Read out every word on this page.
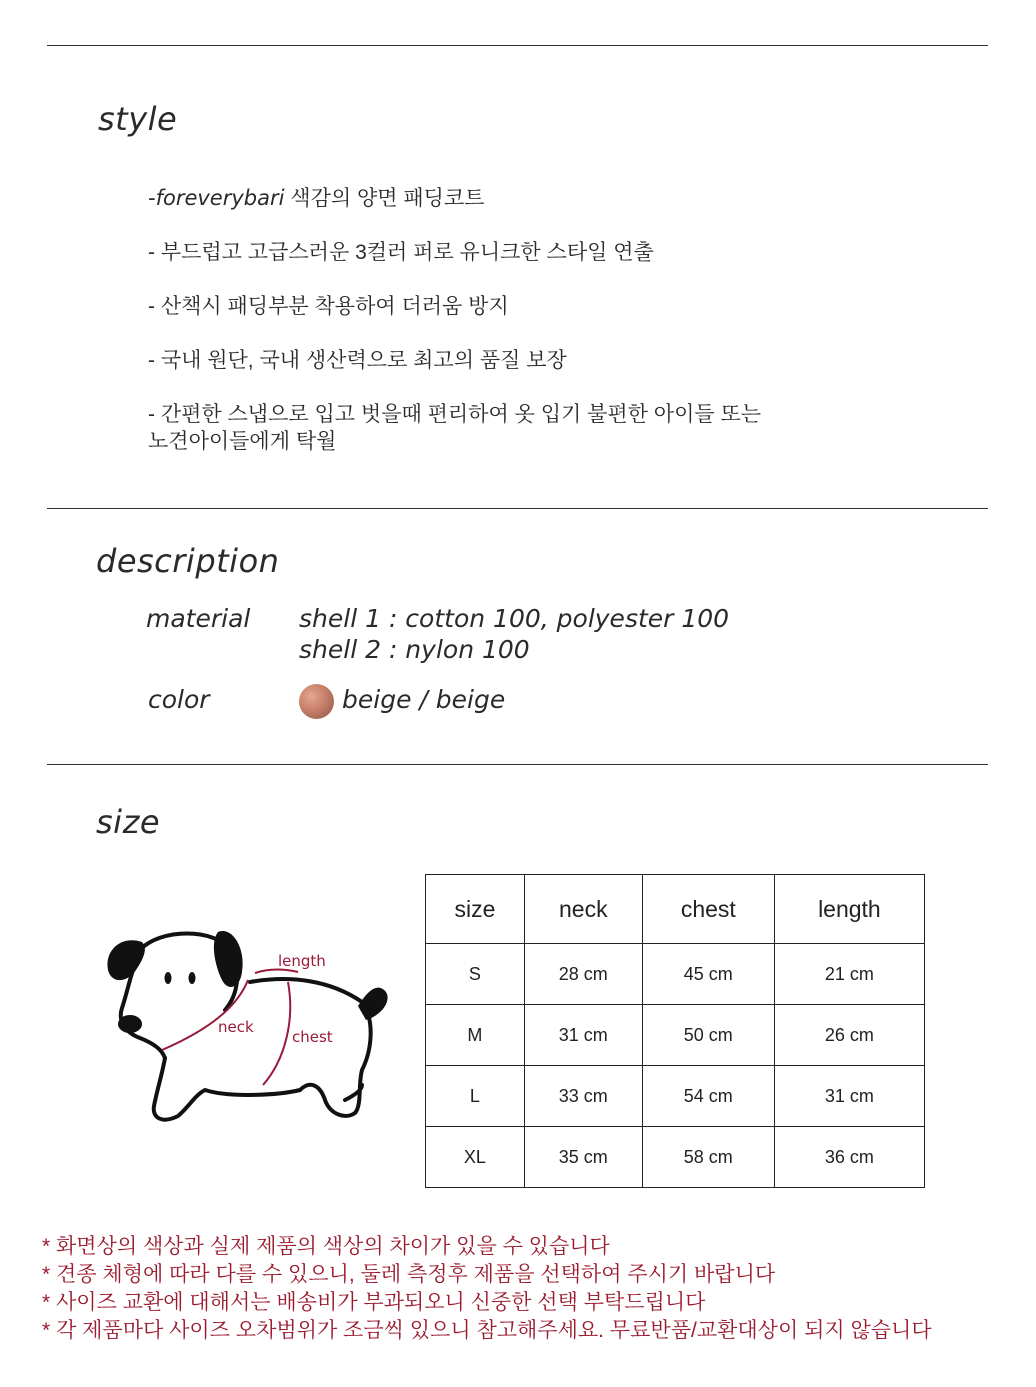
style
-foreverybari 색감의 양면 패딩코트
- 부드럽고 고급스러운 3컬러 퍼로 유니크한 스타일 연출
- 산책시 패딩부분 착용하여 더러움 방지
- 국내 원단, 국내 생산력으로 최고의 품질 보장
- 간편한 스냅으로 입고 벗을때 편리하여 옷 입기 불편한 아이들 또는
노견아이들에게 탁월
description
material shell 1 : cotton 100, polyester 100
shell 2 : nylon 100
color	beige / beige
size
length
neck
chest
size	neck	chest	length
S	28 cm	45 cm	21 cm
M	31 cm	50 cm	26 cm
L	33 cm	54 cm	31 cm
XL	35 cm	58 cm	36 cm
* 화면상의 색상과 실제 제품의 색상의 차이가 있을 수 있습니다
* 견종 체형에 따라 다를 수 있으니, 둘레 측정후 제품을 선택하여 주시기 바랍니다
* 사이즈 교환에 대해서는 배송비가 부과되오니 신중한 선택 부탁드립니다
* 각 제품마다 사이즈 오차범위가 조금씩 있으니 참고해주세요. 무료반품/교환대상이 되지 않습니다
